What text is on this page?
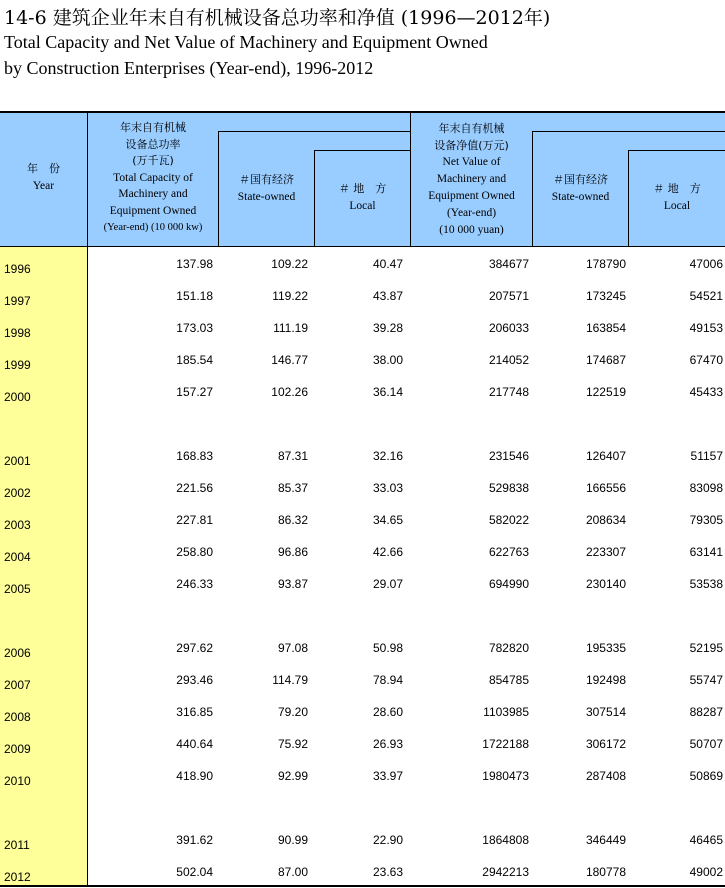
14-6 建筑企业年末自有机械设备总功率和净值 (1996—2012年)
Total Capacity and Net Value of Machinery and Equipment Owned
by Construction Enterprises (Year-end), 1996-2012
年　份
Year
年末自有机械
设备总功率
(万千瓦)
Total Capacity of
Machinery and
Equipment Owned
(Year-end) (10 000 kw)
＃国有经济
State-owned
＃ 地　方
Local
年末自有机械
设备净值(万元)
Net Value of
Machinery and
Equipment Owned
(Year-end)
(10 000 yuan)
＃国有经济
State-owned
＃ 地　方
Local
1996	137.98	109.22	40.47	384677	178790	47006
1997	151.18	119.22	43.87	207571	173245	54521
1998	173.03	111.19	39.28	206033	163854	49153
1999	185.54	146.77	38.00	214052	174687	67470
2000	157.27	102.26	36.14	217748	122519	45433
2001	168.83	87.31	32.16	231546	126407	51157
2002	221.56	85.37	33.03	529838	166556	83098
2003	227.81	86.32	34.65	582022	208634	79305
2004	258.80	96.86	42.66	622763	223307	63141
2005	246.33	93.87	29.07	694990	230140	53538
2006	297.62	97.08	50.98	782820	195335	52195
2007	293.46	114.79	78.94	854785	192498	55747
2008	316.85	79.20	28.60	1103985	307514	88287
2009	440.64	75.92	26.93	1722188	306172	50707
2010	418.90	92.99	33.97	1980473	287408	50869
2011	391.62	90.99	22.90	1864808	346449	46465
2012	502.04	87.00	23.63	2942213	180778	49002
